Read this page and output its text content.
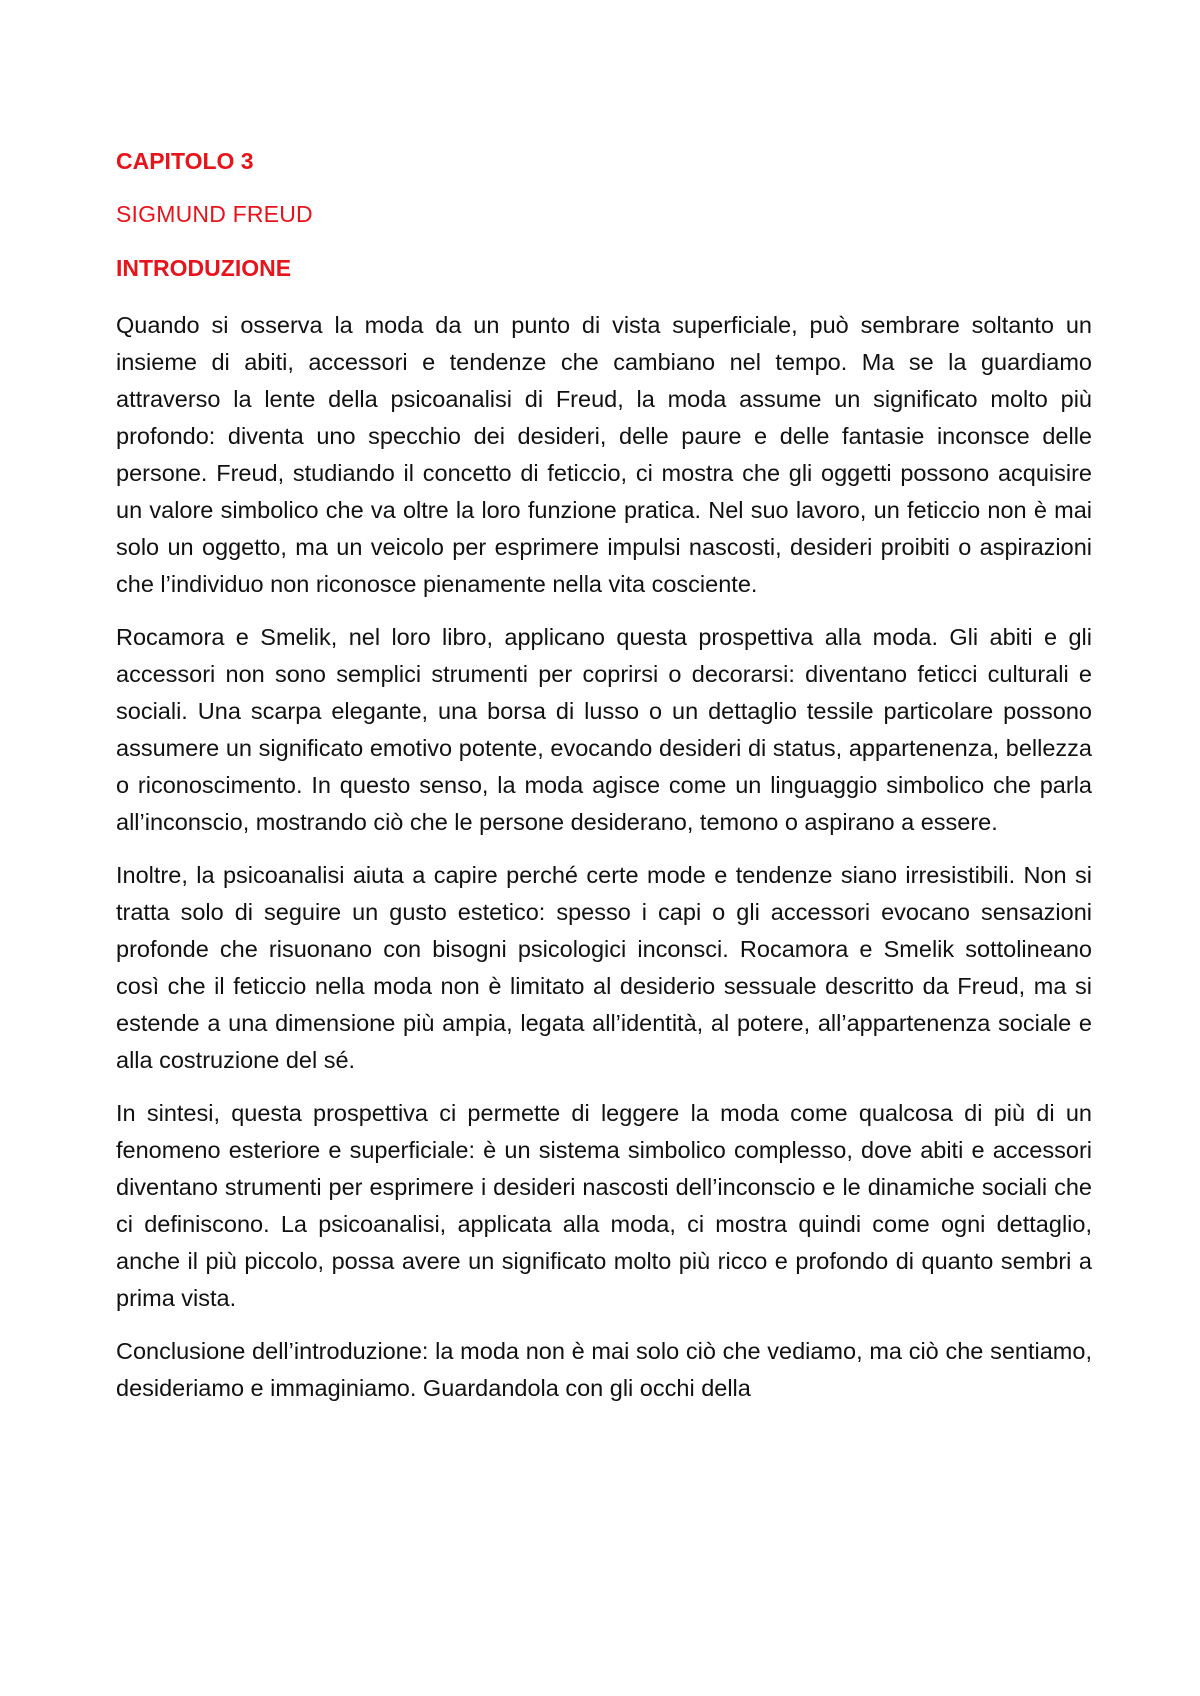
CAPITOLO 3

SIGMUND FREUD

INTRODUZIONE

Quando si osserva la moda da un punto di vista superficiale, può sembrare soltanto un insieme di abiti, accessori e tendenze che cambiano nel tempo. Ma se la guardiamo attraverso la lente della psicoanalisi di Freud, la moda assume un significato molto più profondo: diventa uno specchio dei desideri, delle paure e delle fantasie inconsce delle persone. Freud, studiando il concetto di feticcio, ci mostra che gli oggetti possono acquisire un valore simbolico che va oltre la loro funzione pratica. Nel suo lavoro, un feticcio non è mai solo un oggetto, ma un veicolo per esprimere impulsi nascosti, desideri proibiti o aspirazioni che l’individuo non riconosce pienamente nella vita cosciente.

Rocamora e Smelik, nel loro libro, applicano questa prospettiva alla moda. Gli abiti e gli accessori non sono semplici strumenti per coprirsi o decorarsi: diventano feticci culturali e sociali. Una scarpa elegante, una borsa di lusso o un dettaglio tessile particolare possono assumere un significato emotivo potente, evocando desideri di status, appartenenza, bellezza o riconoscimento. In questo senso, la moda agisce come un linguaggio simbolico che parla all’inconscio, mostrando ciò che le persone desiderano, temono o aspirano a essere.

Inoltre, la psicoanalisi aiuta a capire perché certe mode e tendenze siano irresistibili. Non si tratta solo di seguire un gusto estetico: spesso i capi o gli accessori evocano sensazioni profonde che risuonano con bisogni psicologici inconsci. Rocamora e Smelik sottolineano così che il feticcio nella moda non è limitato al desiderio sessuale descritto da Freud, ma si estende a una dimensione più ampia, legata all’identità, al potere, all’appartenenza sociale e alla costruzione del sé.

In sintesi, questa prospettiva ci permette di leggere la moda come qualcosa di più di un fenomeno esteriore e superficiale: è un sistema simbolico complesso, dove abiti e accessori diventano strumenti per esprimere i desideri nascosti dell’inconscio e le dinamiche sociali che ci definiscono. La psicoanalisi, applicata alla moda, ci mostra quindi come ogni dettaglio, anche il più piccolo, possa avere un significato molto più ricco e profondo di quanto sembri a prima vista.

Conclusione dell’introduzione: la moda non è mai solo ciò che vediamo, ma ciò che sentiamo, desideriamo e immaginiamo. Guardandola con gli occhi della
